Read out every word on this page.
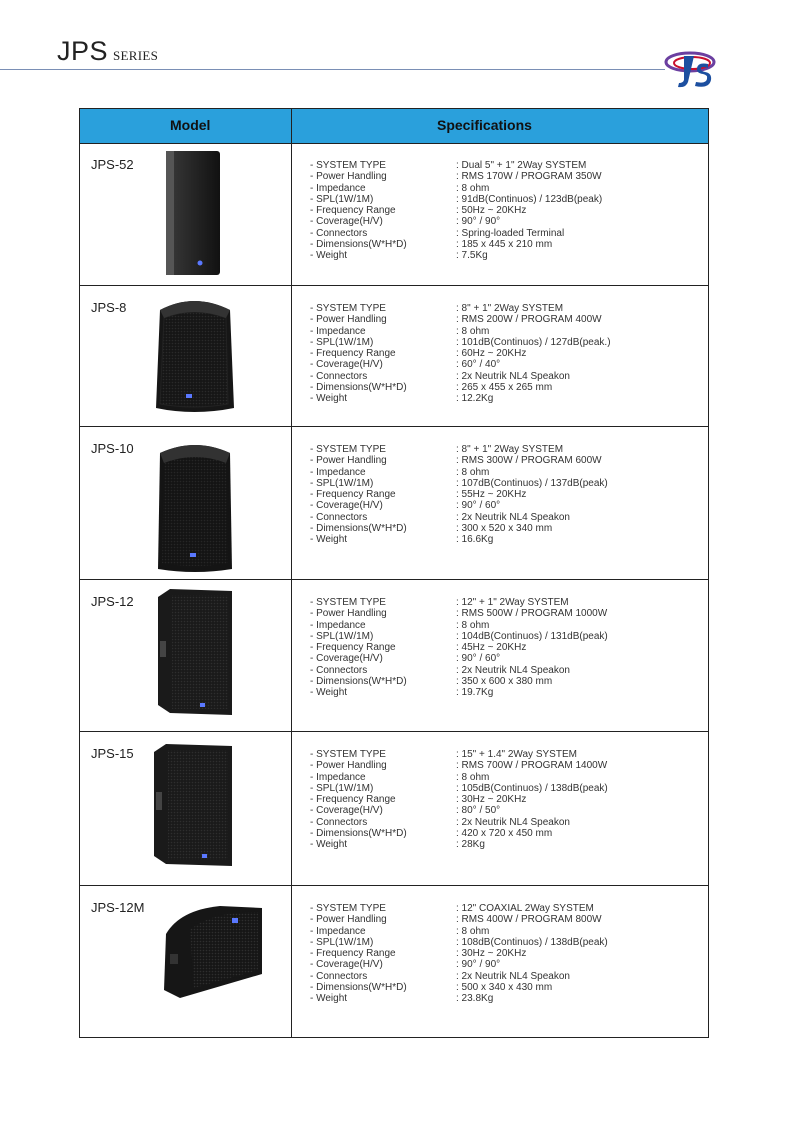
JPS SERIES
Model	Specifications
JPS-52	- SYSTEM TYPE	: Dual 5" + 1" 2Way SYSTEM
- Power Handling	: RMS 170W / PROGRAM 350W
- Impedance	: 8 ohm
- SPL(1W/1M)	: 91dB(Continuos) / 123dB(peak)
- Frequency Range	: 50Hz ~ 20KHz
- Coverage(H/V)	: 90° / 90°
- Connectors	: Spring-loaded Terminal
- Dimensions(W*H*D)	: 185 x 445 x 210 mm
- Weight	: 7.5Kg
JPS-8	- SYSTEM TYPE	: 8" + 1" 2Way SYSTEM
- Power Handling	: RMS 200W / PROGRAM 400W
- Impedance	: 8 ohm
- SPL(1W/1M)	: 101dB(Continuos) / 127dB(peak.)
- Frequency Range	: 60Hz ~ 20KHz
- Coverage(H/V)	: 60° / 40°
- Connectors	: 2x Neutrik NL4 Speakon
- Dimensions(W*H*D)	: 265 x 455 x 265 mm
- Weight	: 12.2Kg
JPS-10	- SYSTEM TYPE	: 8" + 1" 2Way SYSTEM
- Power Handling	: RMS 300W / PROGRAM 600W
- Impedance	: 8 ohm
- SPL(1W/1M)	: 107dB(Continuos) / 137dB(peak)
- Frequency Range	: 55Hz ~ 20KHz
- Coverage(H/V)	: 90° / 60°
- Connectors	: 2x Neutrik NL4 Speakon
- Dimensions(W*H*D)	: 300 x 520 x 340 mm
- Weight	: 16.6Kg
JPS-12	- SYSTEM TYPE	: 12" + 1" 2Way SYSTEM
- Power Handling	: RMS 500W / PROGRAM 1000W
- Impedance	: 8 ohm
- SPL(1W/1M)	: 104dB(Continuos) / 131dB(peak)
- Frequency Range	: 45Hz ~ 20KHz
- Coverage(H/V)	: 90° / 60°
- Connectors	: 2x Neutrik NL4 Speakon
- Dimensions(W*H*D)	: 350 x 600 x 380 mm
- Weight	: 19.7Kg
JPS-15	- SYSTEM TYPE	: 15" + 1.4" 2Way SYSTEM
- Power Handling	: RMS 700W / PROGRAM 1400W
- Impedance	: 8 ohm
- SPL(1W/1M)	: 105dB(Continuos) / 138dB(peak)
- Frequency Range	: 30Hz ~ 20KHz
- Coverage(H/V)	: 80° / 50°
- Connectors	: 2x Neutrik NL4 Speakon
- Dimensions(W*H*D)	: 420 x 720 x 450 mm
- Weight	: 28Kg
JPS-12M	- SYSTEM TYPE	: 12" COAXIAL 2Way SYSTEM
- Power Handling	: RMS 400W / PROGRAM 800W
- Impedance	: 8 ohm
- SPL(1W/1M)	: 108dB(Continuos) / 138dB(peak)
- Frequency Range	: 30Hz ~ 20KHz
- Coverage(H/V)	: 90° / 90°
- Connectors	: 2x Neutrik NL4 Speakon
- Dimensions(W*H*D)	: 500 x 340 x 430 mm
- Weight	: 23.8Kg
